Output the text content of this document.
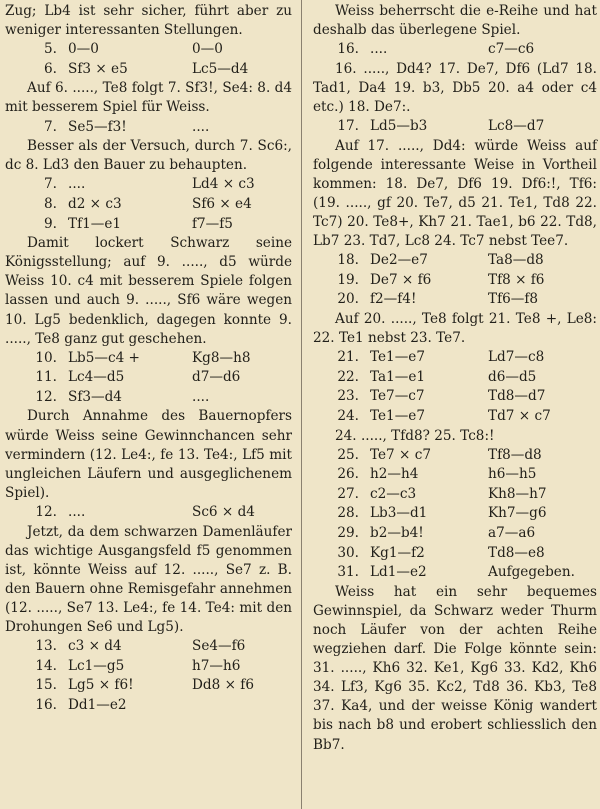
Zug; Lb4 ist sehr sicher, führt aber zu weniger interessanten Stellungen.
5. 0—0	0—0
6. Sf3 × e5	Lc5—d4
Auf 6. ....., Te8 folgt 7. Sf3!, Se4: 8. d4 mit besserem Spiel für Weiss.
7. Se5—f3!	....
Besser als der Versuch, durch 7. Sc6:, dc 8. Ld3 den Bauer zu behaupten.
7. ....	Ld4 × c3
8. d2 × c3	Sf6 × e4
9. Tf1—e1	f7—f5
Damit lockert Schwarz seine Königsstellung; auf 9. ....., d5 würde Weiss 10. c4 mit besserem Spiele folgen lassen und auch 9. ....., Sf6 wäre wegen 10. Lg5 bedenklich, dagegen konnte 9. ....., Te8 ganz gut geschehen.
10. Lb5—c4 +	Kg8—h8
11. Lc4—d5	d7—d6
12. Sf3—d4	....
Durch Annahme des Bauernopfers würde Weiss seine Gewinnchancen sehr vermindern (12. Le4:, fe 13. Te4:, Lf5 mit ungleichen Läufern und ausgeglichenem Spiel).
12. ....	Sc6 × d4
Jetzt, da dem schwarzen Damenläufer das wichtige Ausgangsfeld f5 genommen ist, könnte Weiss auf 12. ....., Se7 z. B. den Bauern ohne Remisgefahr annehmen (12. ....., Se7 13. Le4:, fe 14. Te4: mit den Drohungen Se6 und Lg5).
13. c3 × d4	Se4—f6
14. Lc1—g5	h7—h6
15. Lg5 × f6!	Dd8 × f6
16. Dd1—e2
Weiss beherrscht die e-Reihe und hat deshalb das überlegene Spiel.
16. ....	c7—c6
16. ....., Dd4? 17. De7, Df6 (Ld7 18. Tad1, Da4 19. b3, Db5 20. a4 oder c4 etc.) 18. De7:.
17. Ld5—b3	Lc8—d7
Auf 17. ....., Dd4: würde Weiss auf folgende interessante Weise in Vortheil kommen: 18. De7, Df6 19. Df6:!, Tf6: (19. ....., gf 20. Te7, d5 21. Te1, Td8 22. Tc7) 20. Te8+, Kh7 21. Tae1, b6 22. Td8, Lb7 23. Td7, Lc8 24. Tc7 nebst Tee7.
18. De2—e7	Ta8—d8
19. De7 × f6	Tf8 × f6
20. f2—f4!	Tf6—f8
Auf 20. ....., Te8 folgt 21. Te8 +, Le8: 22. Te1 nebst 23. Te7.
21. Te1—e7	Ld7—c8
22. Ta1—e1	d6—d5
23. Te7—c7	Td8—d7
24. Te1—e7	Td7 × c7
24. ....., Tfd8? 25. Tc8:!
25. Te7 × c7	Tf8—d8
26. h2—h4	h6—h5
27. c2—c3	Kh8—h7
28. Lb3—d1	Kh7—g6
29. b2—b4!	a7—a6
30. Kg1—f2	Td8—e8
31. Ld1—e2	Aufgegeben.
Weiss hat ein sehr bequemes Gewinnspiel, da Schwarz weder Thurm noch Läufer von der achten Reihe wegziehen darf. Die Folge könnte sein: 31. ....., Kh6 32. Ke1, Kg6 33. Kd2, Kh6 34. Lf3, Kg6 35. Kc2, Td8 36. Kb3, Te8 37. Ka4, und der weisse König wandert bis nach b8 und erobert schliesslich den Bb7.
